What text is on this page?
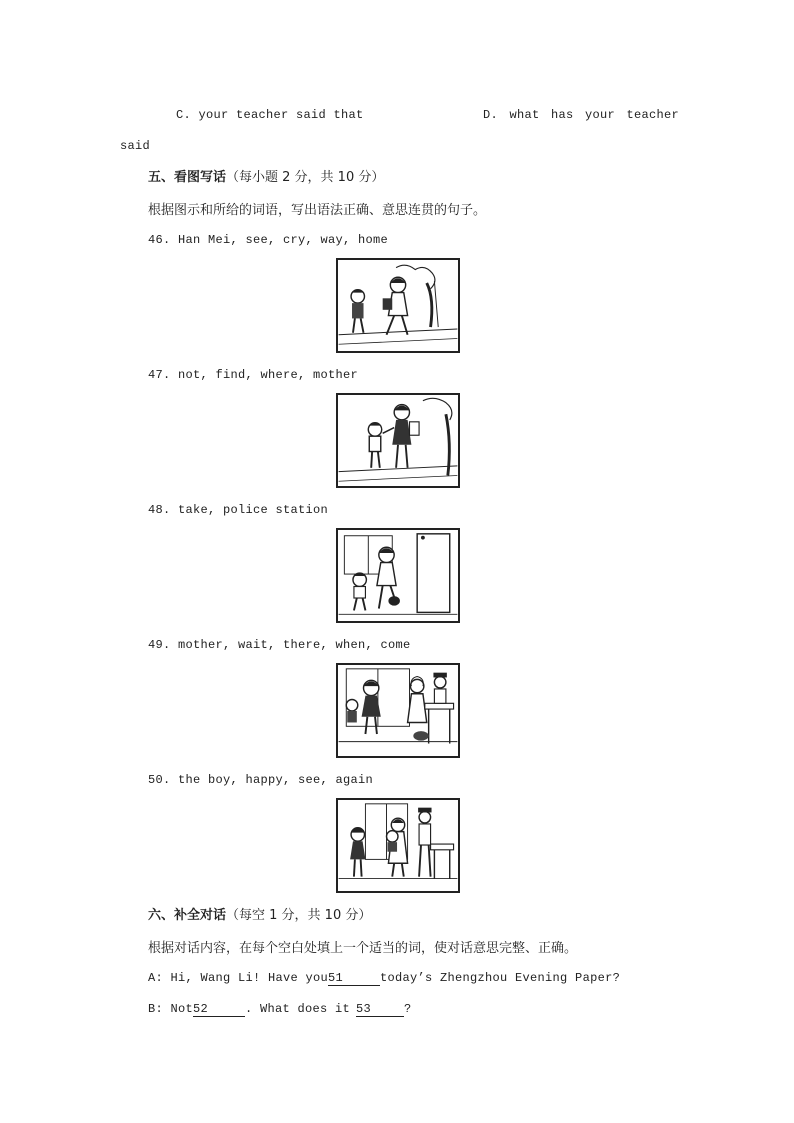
C. your teacher said that	D. what has your teacher
said
五、看图写话（每小题 2 分，共 10 分）
根据图示和所给的词语，写出语法正确、意思连贯的句子。
46. Han Mei, see, cry, way, home
47. not, find, where, mother
48. take, police station
49. mother, wait, there, when, come
50. the boy, happy, see, again
六、补全对话（每空 1 分，共 10 分）
根据对话内容，在每个空白处填上一个适当的词，使对话意思完整、正确。
A: Hi, Wang Li! Have you51	today’s Zhengzhou Evening Paper?
B: Not52	. What does it 53	?
